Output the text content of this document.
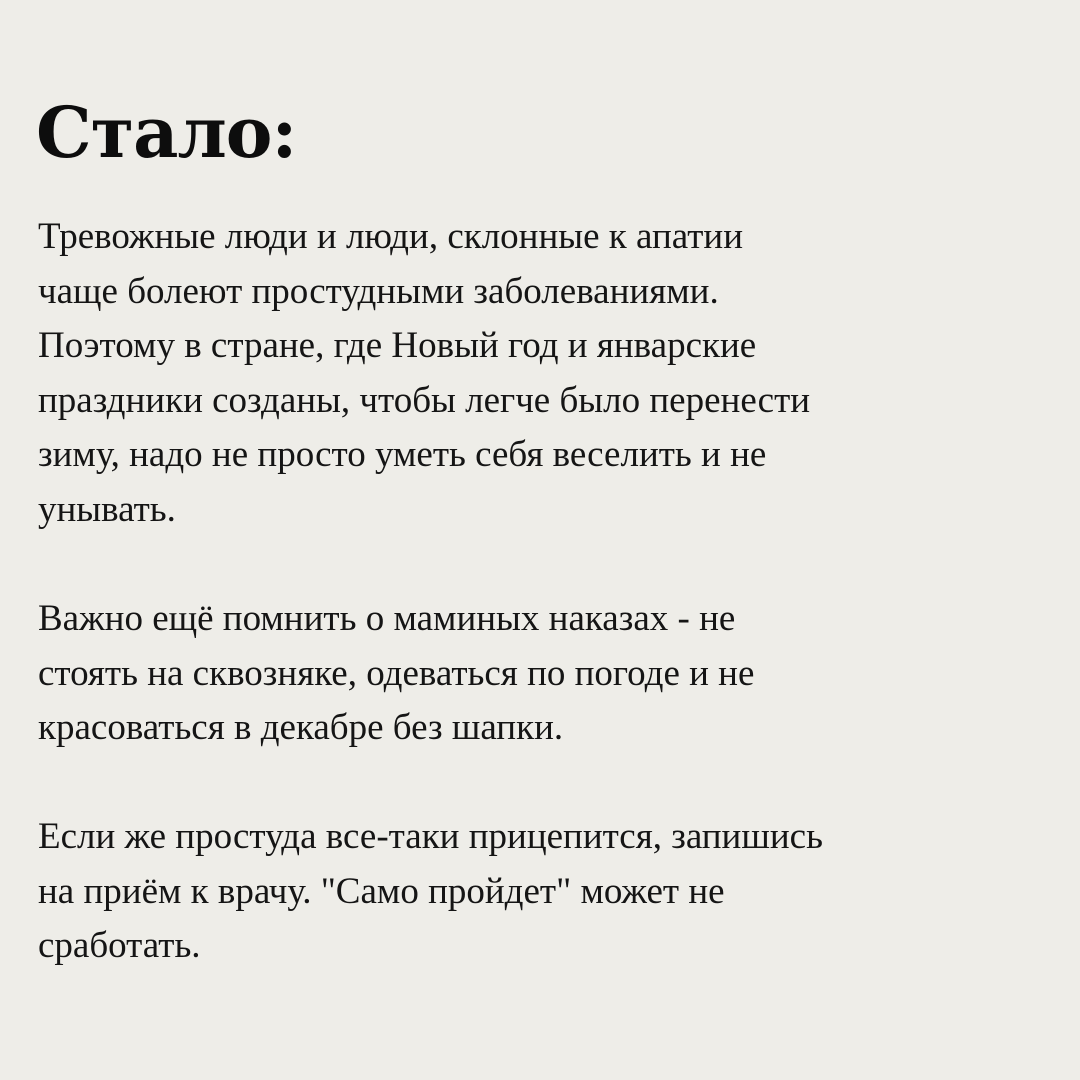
Стало:

Тревожные люди и люди, склонные к апатии
чаще болеют простудными заболеваниями.
Поэтому в стране, где Новый год и январские
праздники созданы, чтобы легче было перенести
зиму, надо не просто уметь себя веселить и не
унывать.

Важно ещё помнить о маминых наказах - не
стоять на сквозняке, одеваться по погоде и не
красоваться в декабре без шапки.

Если же простуда все-таки прицепится, запишись
на приём к врачу. "Само пройдет" может не
сработать.
